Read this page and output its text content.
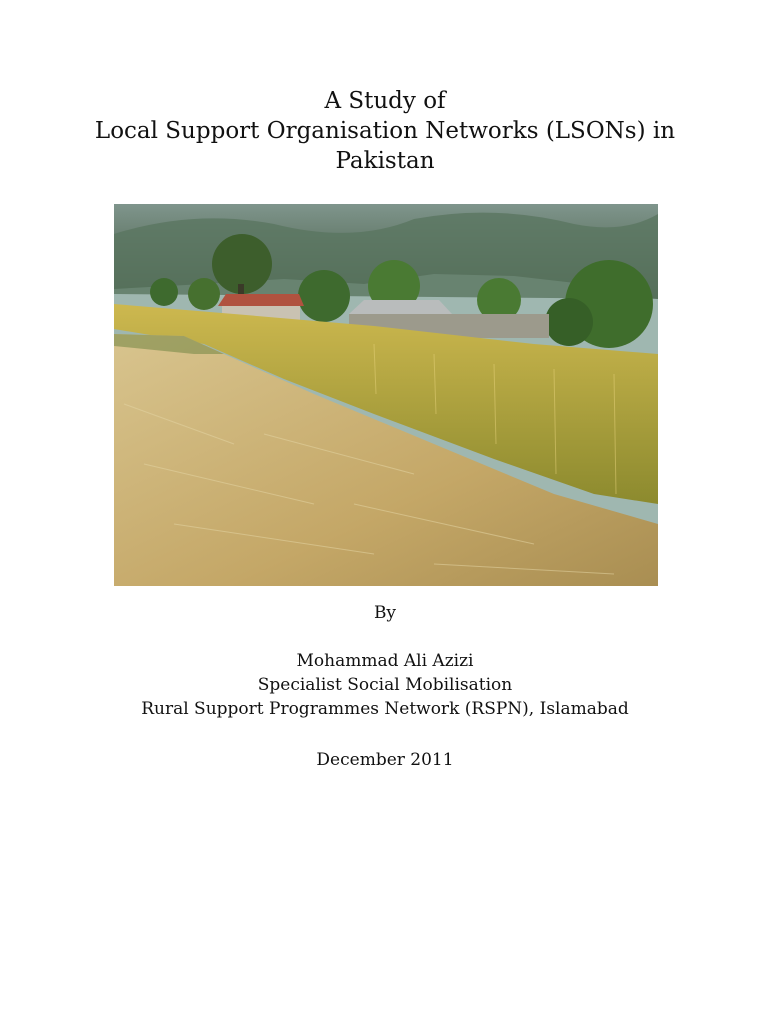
A Study of
Local Support Organisation Networks (LSONs) in
Pakistan
By
Mohammad Ali Azizi
Specialist Social Mobilisation
Rural Support Programmes Network (RSPN), Islamabad
December 2011
